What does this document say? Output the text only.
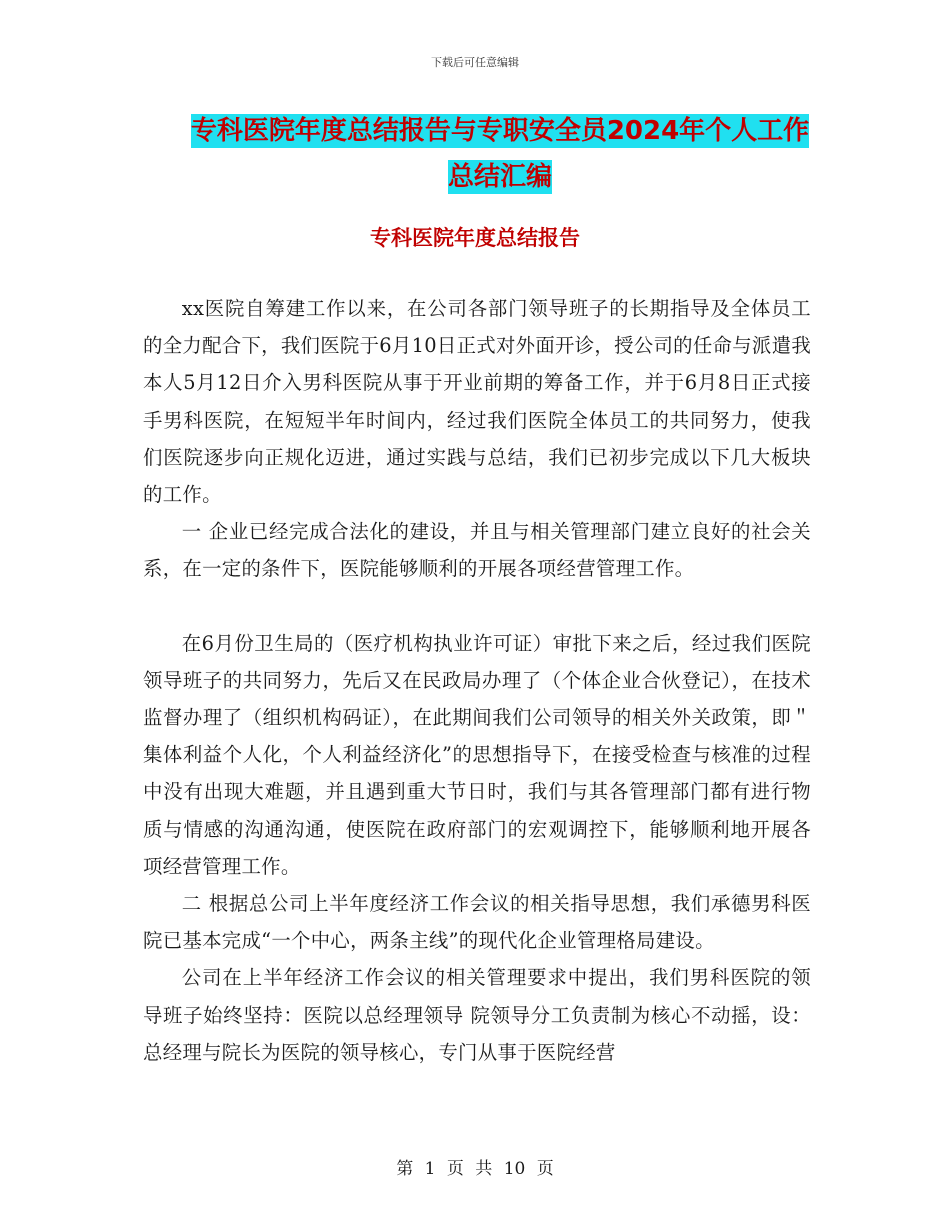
下载后可任意编辑
专科医院年度总结报告与专职安全员2024年个人工作
总结汇编
专科医院年度总结报告

xx医院自筹建工作以来，在公司各部门领导班子的长期指导及全体员工的全力配合下，我们医院于6月10日正式对外面开诊，授公司的任命与派遣我本人5月12日介入男科医院从事于开业前期的筹备工作，并于6月8日正式接手男科医院，在短短半年时间内，经过我们医院全体员工的共同努力，使我们医院逐步向正规化迈进，通过实践与总结，我们已初步完成以下几大板块的工作。

一 企业已经完成合法化的建设，并且与相关管理部门建立良好的社会关系，在一定的条件下，医院能够顺利的开展各项经营管理工作。

在6月份卫生局的（医疗机构执业许可证）审批下来之后，经过我们医院领导班子的共同努力，先后又在民政局办理了（个体企业合伙登记），在技术监督办理了（组织机构码证），在此期间我们公司领导的相关外关政策，即＂集体利益个人化，个人利益经济化”的思想指导下，在接受检查与核准的过程中没有出现大难题，并且遇到重大节日时，我们与其各管理部门都有进行物质与情感的沟通沟通，使医院在政府部门的宏观调控下，能够顺利地开展各项经营管理工作。

二 根据总公司上半年度经济工作会议的相关指导思想，我们承德男科医院已基本完成“一个中心，两条主线”的现代化企业管理格局建设。

公司在上半年经济工作会议的相关管理要求中提出，我们男科医院的领导班子始终坚持：医院以总经理领导 院领导分工负责制为核心不动摇，设：总经理与院长为医院的领导核心，专门从事于医院经营

第 1 页 共 10 页
